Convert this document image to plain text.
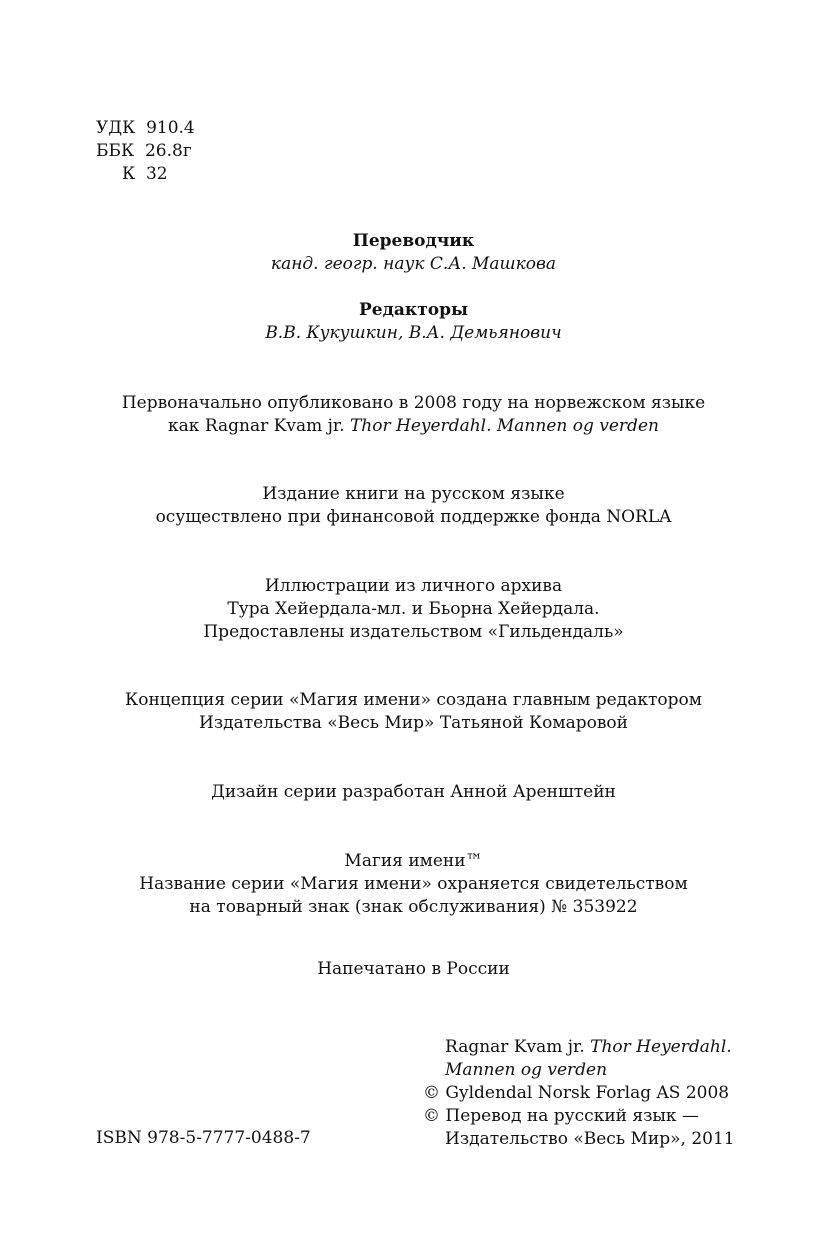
УДК 910.4
ББК 26.8г
К 32
Переводчик
канд. геогр. наук С.А. Машкова
Редакторы
В.В. Кукушкин, В.А. Демьянович
Первоначально опубликовано в 2008 году на норвежском языке
как Ragnar Kvam jr. Thor Heyerdahl. Mannen og verden
Издание книги на русском языке
осуществлено при финансовой поддержке фонда NORLA
Иллюстрации из личного архива
Тура Хейердала-мл. и Бьорна Хейердала.
Предоставлены издательством «Гильдендаль»
Концепция серии «Магия имени» создана главным редактором
Издательства «Весь Мир» Татьяной Комаровой
Дизайн серии разработан Анной Аренштейн
Магия имени™
Название серии «Магия имени» охраняется свидетельством
на товарный знак (знак обслуживания) № 353922
Напечатано в России
ISBN 978-5-7777-0488-7
Ragnar Kvam jr. Thor Heyerdahl.
Mannen og verden
© Gyldendal Norsk Forlag AS 2008
© Перевод на русский язык —
Издательство «Весь Мир», 2011
